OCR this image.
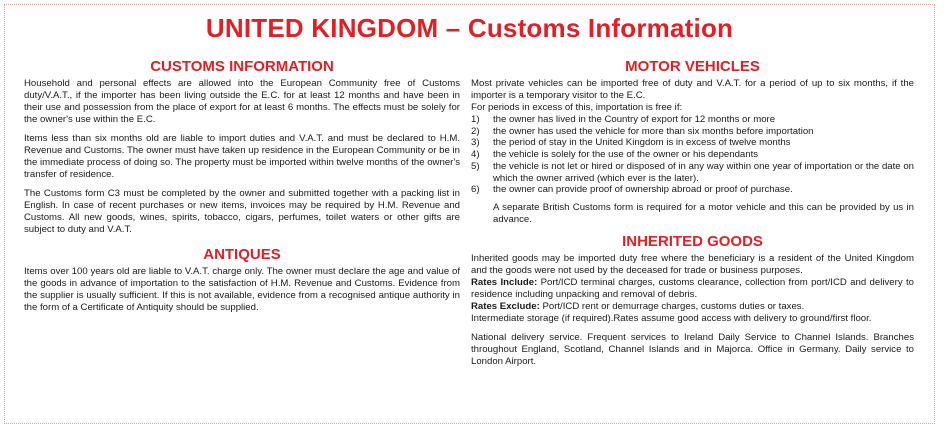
UNITED KINGDOM – Customs Information
CUSTOMS INFORMATION

Household and personal effects are allowed into the European Community free of Customs duty/V.A.T., if the importer has been living outside the E.C. for at least 12 months and have been in their use and possession from the place of export for at least 6 months. The effects must be solely for the owner's use within the E.C.

Items less than six months old are liable to import duties and V.A.T. and must be declared to H.M. Revenue and Customs. The owner must have taken up residence in the European Community or be in the immediate process of doing so. The property must be imported within twelve months of the owner's transfer of residence.

The Customs form C3 must be completed by the owner and submitted together with a packing list in English. In case of recent purchases or new items, invoices may be required by H.M. Revenue and Customs. All new goods, wines, spirits, tobacco, cigars, perfumes, toilet waters or other gifts are subject to duty and V.A.T.

ANTIQUES

Items over 100 years old are liable to V.A.T. charge only. The owner must declare the age and value of the goods in advance of importation to the satisfaction of H.M. Revenue and Customs. Evidence from the supplier is usually sufficient. If this is not available, evidence from a recognised antique authority in the form of a Certificate of Antiquity should be supplied.

MOTOR VEHICLES

Most private vehicles can be imported free of duty and V.A.T. for a period of up to six months, if the importer is a temporary visitor to the E.C.

For periods in excess of this, importation is free if:

1)	the owner has lived in the Country of export for 12 months or more
2)	the owner has used the vehicle for more than six months before importation
3)	the period of stay in the United Kingdom is in excess of twelve months
4)	the vehicle is solely for the use of the owner or his dependants
5)	the vehicle is not let or hired or disposed of in any way within one year of importation or the date on which the owner arrived (which ever is the later).
6)	the owner can provide proof of ownership abroad or proof of purchase.

A separate British Customs form is required for a motor vehicle and this can be provided by us in advance.

INHERITED GOODS

Inherited goods may be imported duty free where the beneficiary is a resident of the United Kingdom and the goods were not used by the deceased for trade or business purposes.

Rates Include: Port/ICD terminal charges, customs clearance, collection from port/ICD and delivery to residence including unpacking and removal of debris.

Rates Exclude: Port/ICD rent or demurrage charges, customs duties or taxes.

Intermediate storage (if required).Rates assume good access with delivery to ground/first floor.

National delivery service. Frequent services to Ireland Daily Service to Channel Islands. Branches throughout England, Scotland, Channel Islands and in Majorca. Office in Germany. Daily service to London Airport.
